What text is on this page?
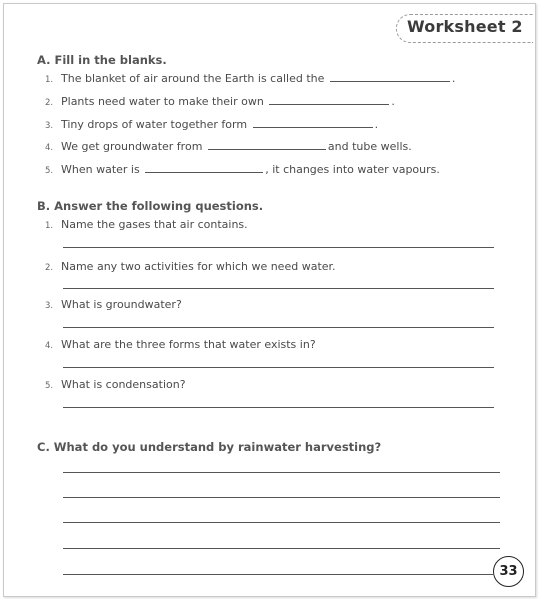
Worksheet 2
A. Fill in the blanks.
1. The blanket of air around the Earth is called the	.
2. Plants need water to make their own	.
3. Tiny drops of water together form	.
4. We get groundwater from	and tube wells.
5. When water is	, it changes into water vapours.
B. Answer the following questions.
1. Name the gases that air contains.
2. Name any two activities for which we need water.
3. What is groundwater?
4. What are the three forms that water exists in?
5. What is condensation?
C. What do you understand by rainwater harvesting?
33
